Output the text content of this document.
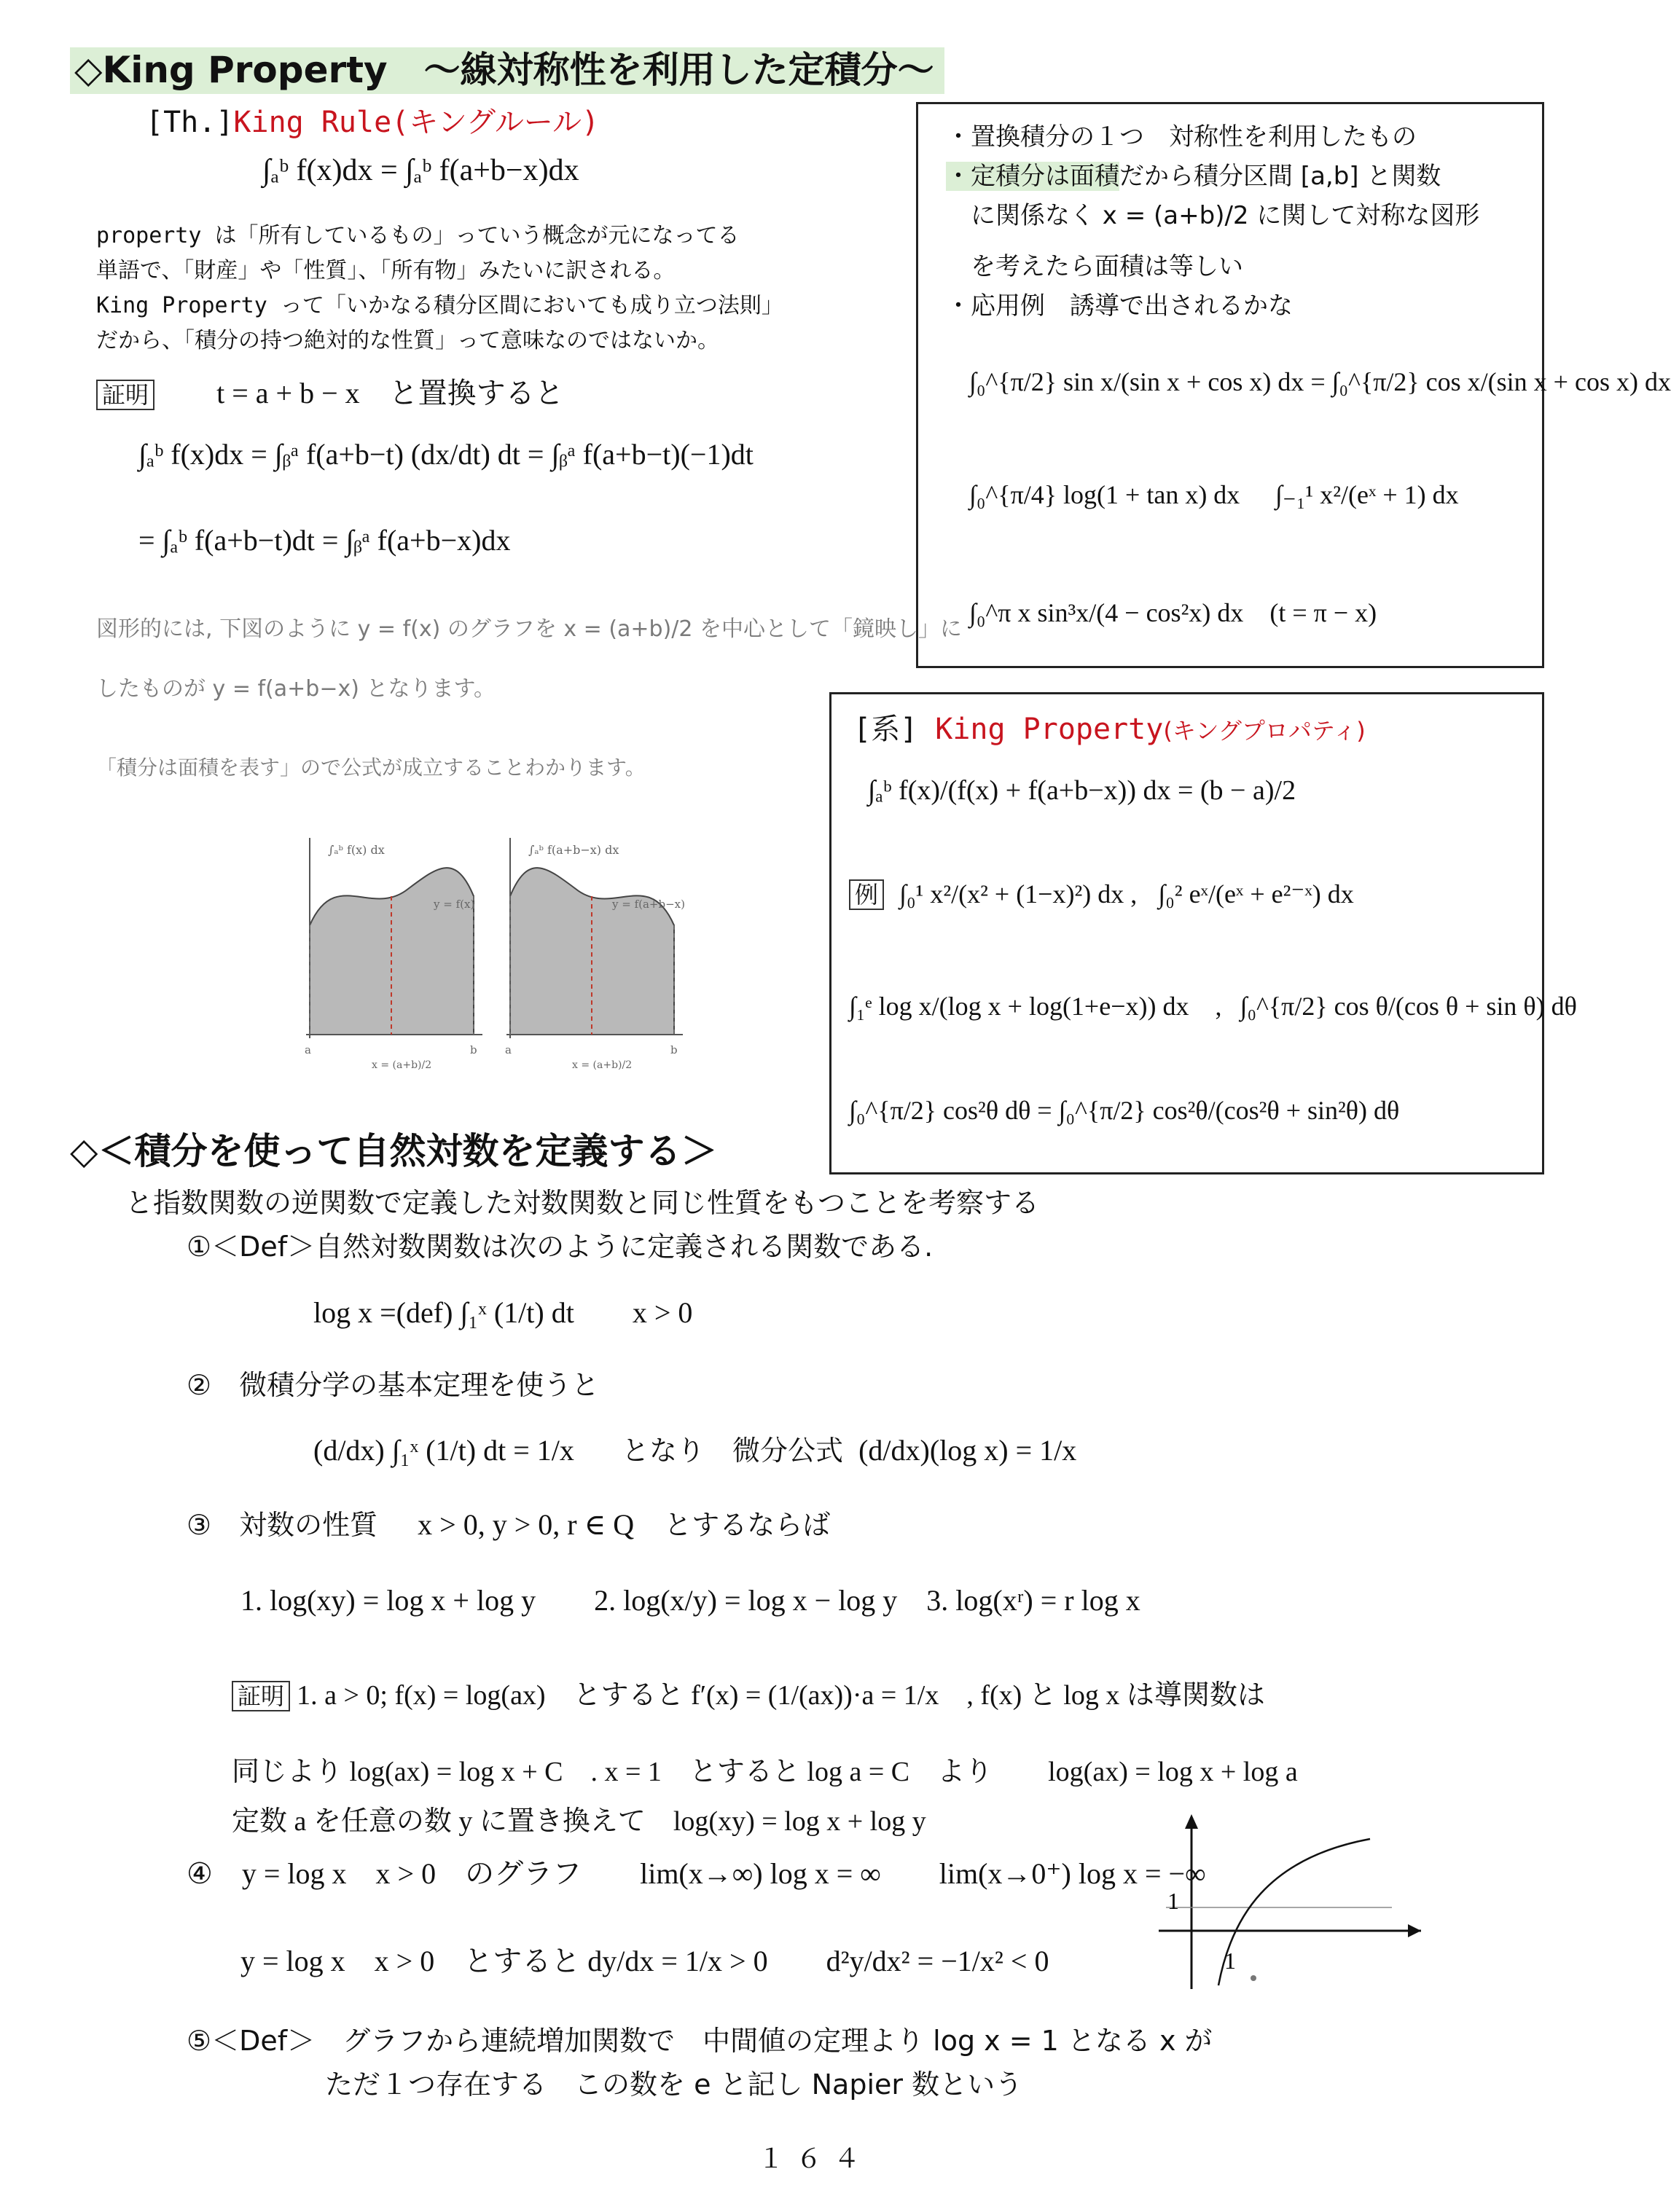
◇King Property　～線対称性を利用した定積分～
[Th.]King Rule(キングルール)
∫ₐᵇ f(x)dx = ∫ₐᵇ f(a+b−x)dx
property は「所有しているもの」っていう概念が元になってる
単語で、「財産」や「性質」、「所有物」みたいに訳される。
King Property って「いかなる積分区間においても成り立つ法則」
だから、「積分の持つ絶対的な性質」って意味なのではないか。
証明 t = a + b − x　と置換すると
∫ₐᵇ f(x)dx = ∫ᵦᵃ f(a+b−t) (dx/dt) dt = ∫ᵦᵃ f(a+b−t)(−1)dt
= ∫ₐᵇ f(a+b−t)dt = ∫ᵦᵃ f(a+b−x)dx
図形的には, 下図のように y = f(x) のグラフを x = (a+b)/2 を中心として「鏡映し」に
したものが y = f(a+b−x) となります。
「積分は面積を表す」ので公式が成立することわかります。
∫ₐᵇ f(x) dx
y = f(x)
a	b
x = (a+b)/2
∫ₐᵇ f(a+b−x) dx
y = f(a+b−x)
a	b
x = (a+b)/2
・置換積分の１つ　対称性を利用したもの
・定積分は面積だから積分区間 [a,b] と関数
に関係なく x = (a+b)/2 に関して対称な図形
を考えたら面積は等しい
・応用例　誘導で出されるかな
∫₀^{π/2} sin x/(sin x + cos x) dx = ∫₀^{π/2} cos x/(sin x + cos x) dx
∫₀^{π/4} log(1 + tan x) dx ∫₋₁¹ x²/(eˣ + 1) dx
∫₀^π x sin³x/(4 − cos²x) dx　(t = π − x)
[系] King Property(キングプロパティ)
∫ₐᵇ f(x)/(f(x) + f(a+b−x)) dx = (b − a)/2
例 ∫₀¹ x²/(x² + (1−x)²) dx , ∫₀² eˣ/(eˣ + e²⁻ˣ) dx
∫₁ᵉ log x/(log x + log(1+e−x)) dx　, ∫₀^{π/2} cos θ/(cos θ + sin θ) dθ
∫₀^{π/2} cos²θ dθ = ∫₀^{π/2} cos²θ/(cos²θ + sin²θ) dθ
◇＜積分を使って自然対数を定義する＞
と指数関数の逆関数で定義した対数関数と同じ性質をもつことを考察する
①＜Def＞自然対数関数は次のように定義される関数である.
log x =(def) ∫₁ˣ (1/t) dt　　x > 0
②　微積分学の基本定理を使うと
(d/dx) ∫₁ˣ (1/t) dt = 1/x となり　微分公式 (d/dx)(log x) = 1/x
③　対数の性質 x > 0, y > 0, r ∈ Q とするならば
1. log(xy) = log x + log y　　2. log(x/y) = log x − log y　3. log(xʳ) = r log x
証明 1. a > 0; f(x) = log(ax)　とすると f′(x) = (1/(ax))·a = 1/x　, f(x) と log x は導関数は
同じより log(ax) = log x + C　. x = 1　とすると log a = C　より　　log(ax) = log x + log a
定数 a を任意の数 y に置き換えて　log(xy) = log x + log y
④　y = log x　x > 0　のグラフ　　lim(x→∞) log x = ∞　　lim(x→0⁺) log x = −∞
y = log x　x > 0　とすると dy/dx = 1/x > 0　　d²y/dx² = −1/x² < 0
1
1
⑤＜Def＞　グラフから連続増加関数で　中間値の定理より log x = 1 となる x が
ただ１つ存在する　この数を e と記し Napier 数という
１６４
